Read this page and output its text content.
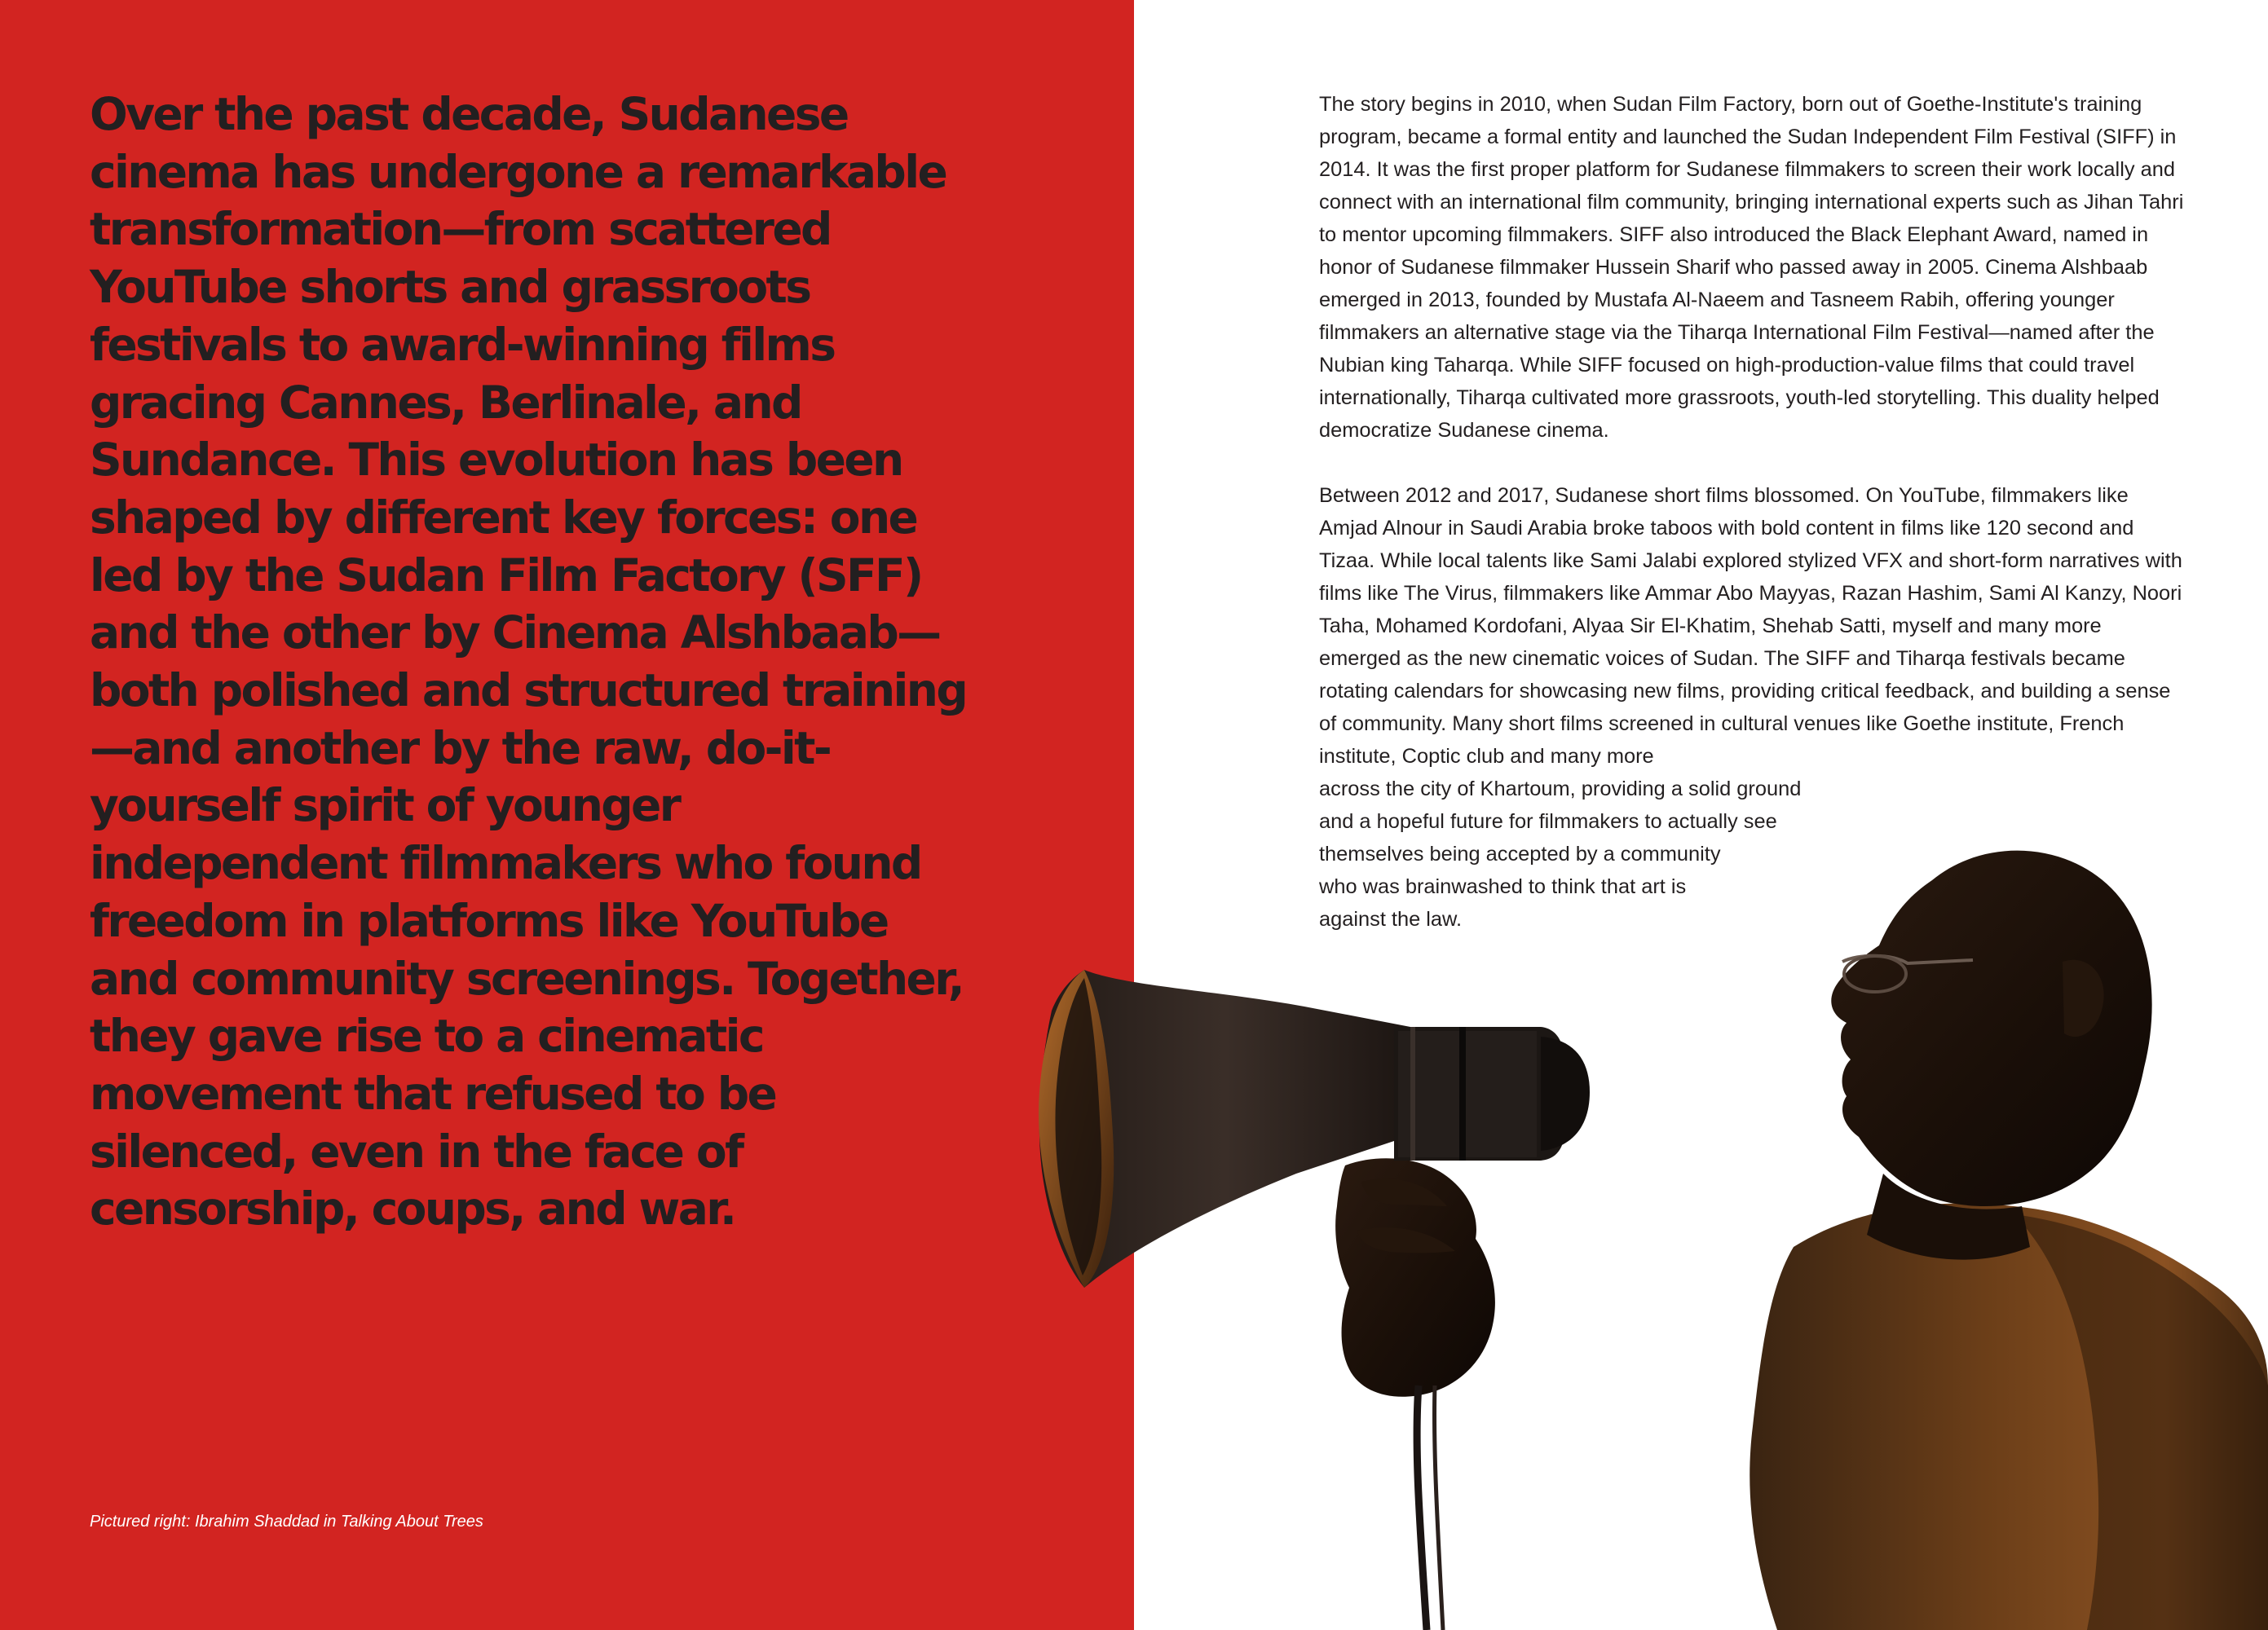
Over the past decade, Sudanese cinema has undergone a remarkable transformation—from scattered YouTube shorts and grassroots festivals to award-winning films gracing Cannes, Berlinale, and Sundance. This evolution has been shaped by different key forces: one led by the Sudan Film Factory (SFF) and the other by Cinema Alshbaab—both polished and structured training—and another by the raw, do-it-yourself spirit of younger independent filmmakers who found freedom in platforms like YouTube and community screenings. Together, they gave rise to a cinematic movement that refused to be silenced, even in the face of censorship, coups, and war.

Pictured right: Ibrahim Shaddad in Talking About Trees

The story begins in 2010, when Sudan Film Factory, born out of Goethe-Institute's training program, became a formal entity and launched the Sudan Independent Film Festival (SIFF) in 2014. It was the first proper platform for Sudanese filmmakers to screen their work locally and connect with an international film community, bringing international experts such as Jihan Tahri to mentor upcoming filmmakers. SIFF also introduced the Black Elephant Award, named in honor of Sudanese filmmaker Hussein Sharif who passed away in 2005. Cinema Alshbaab emerged in 2013, founded by Mustafa Al-Naeem and Tasneem Rabih, offering younger filmmakers an alternative stage via the Tiharqa International Film Festival—named after the Nubian king Taharqa. While SIFF focused on high-production-value films that could travel internationally, Tiharqa cultivated more grassroots, youth-led storytelling. This duality helped democratize Sudanese cinema.

Between 2012 and 2017, Sudanese short films blossomed. On YouTube, filmmakers like Amjad Alnour in Saudi Arabia broke taboos with bold content in films like 120 second and Tizaa. While local talents like Sami Jalabi explored stylized VFX and short-form narratives with films like The Virus, filmmakers like Ammar Abo Mayyas, Razan Hashim, Sami Al Kanzy, Noori Taha, Mohamed Kordofani, Alyaa Sir El-Khatim, Shehab Satti, myself and many more emerged as the new cinematic voices of Sudan. The SIFF and Tiharqa festivals became rotating calendars for showcasing new films, providing critical feedback, and building a sense of community. Many short films screened in cultural venues like Goethe institute, French institute, Coptic club and many more

across the city of Khartoum, providing a solid ground
and a hopeful future for filmmakers to actually see
themselves being accepted by a community
who was brainwashed to think that art is
against the law.
